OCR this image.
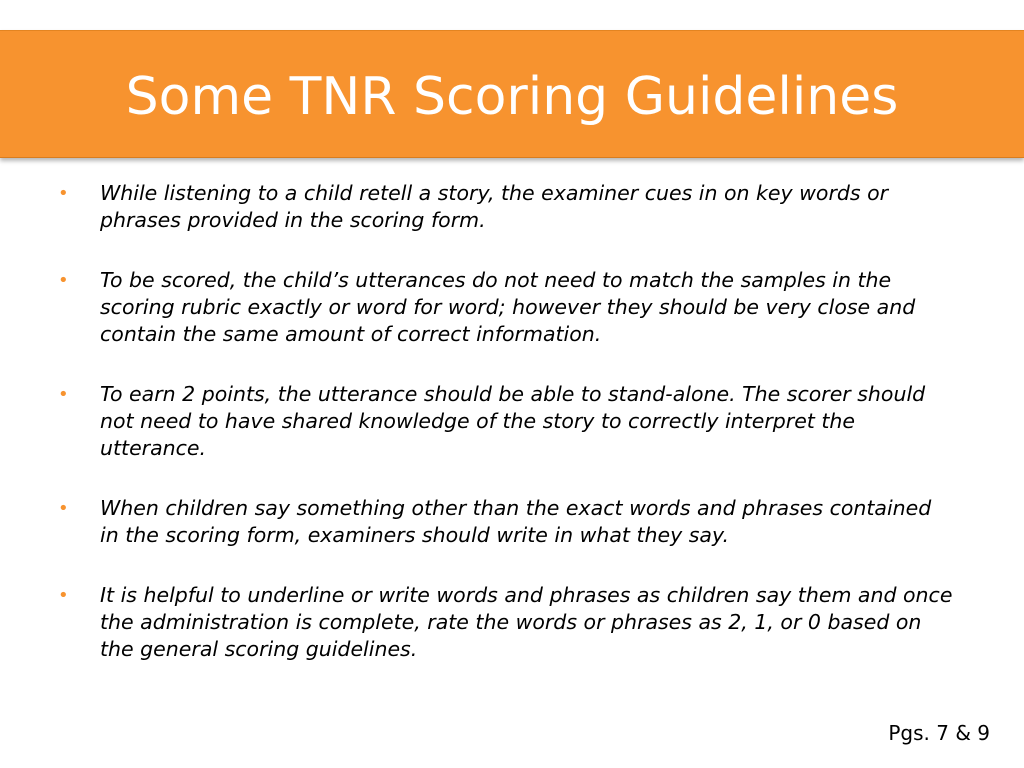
Some TNR Scoring Guidelines
• While listening to a child retell a story, the examiner cues in on key words or phrases provided in the scoring form.
• To be scored, the child’s utterances do not need to match the samples in the scoring rubric exactly or word for word; however they should be very close and contain the same amount of correct information.
• To earn 2 points, the utterance should be able to stand-alone. The scorer should not need to have shared knowledge of the story to correctly interpret the utterance.
• When children say something other than the exact words and phrases contained in the scoring form, examiners should write in what they say.
• It is helpful to underline or write words and phrases as children say them and once the administration is complete, rate the words or phrases as 2, 1, or 0 based on the general scoring guidelines.
Pgs. 7 & 9
